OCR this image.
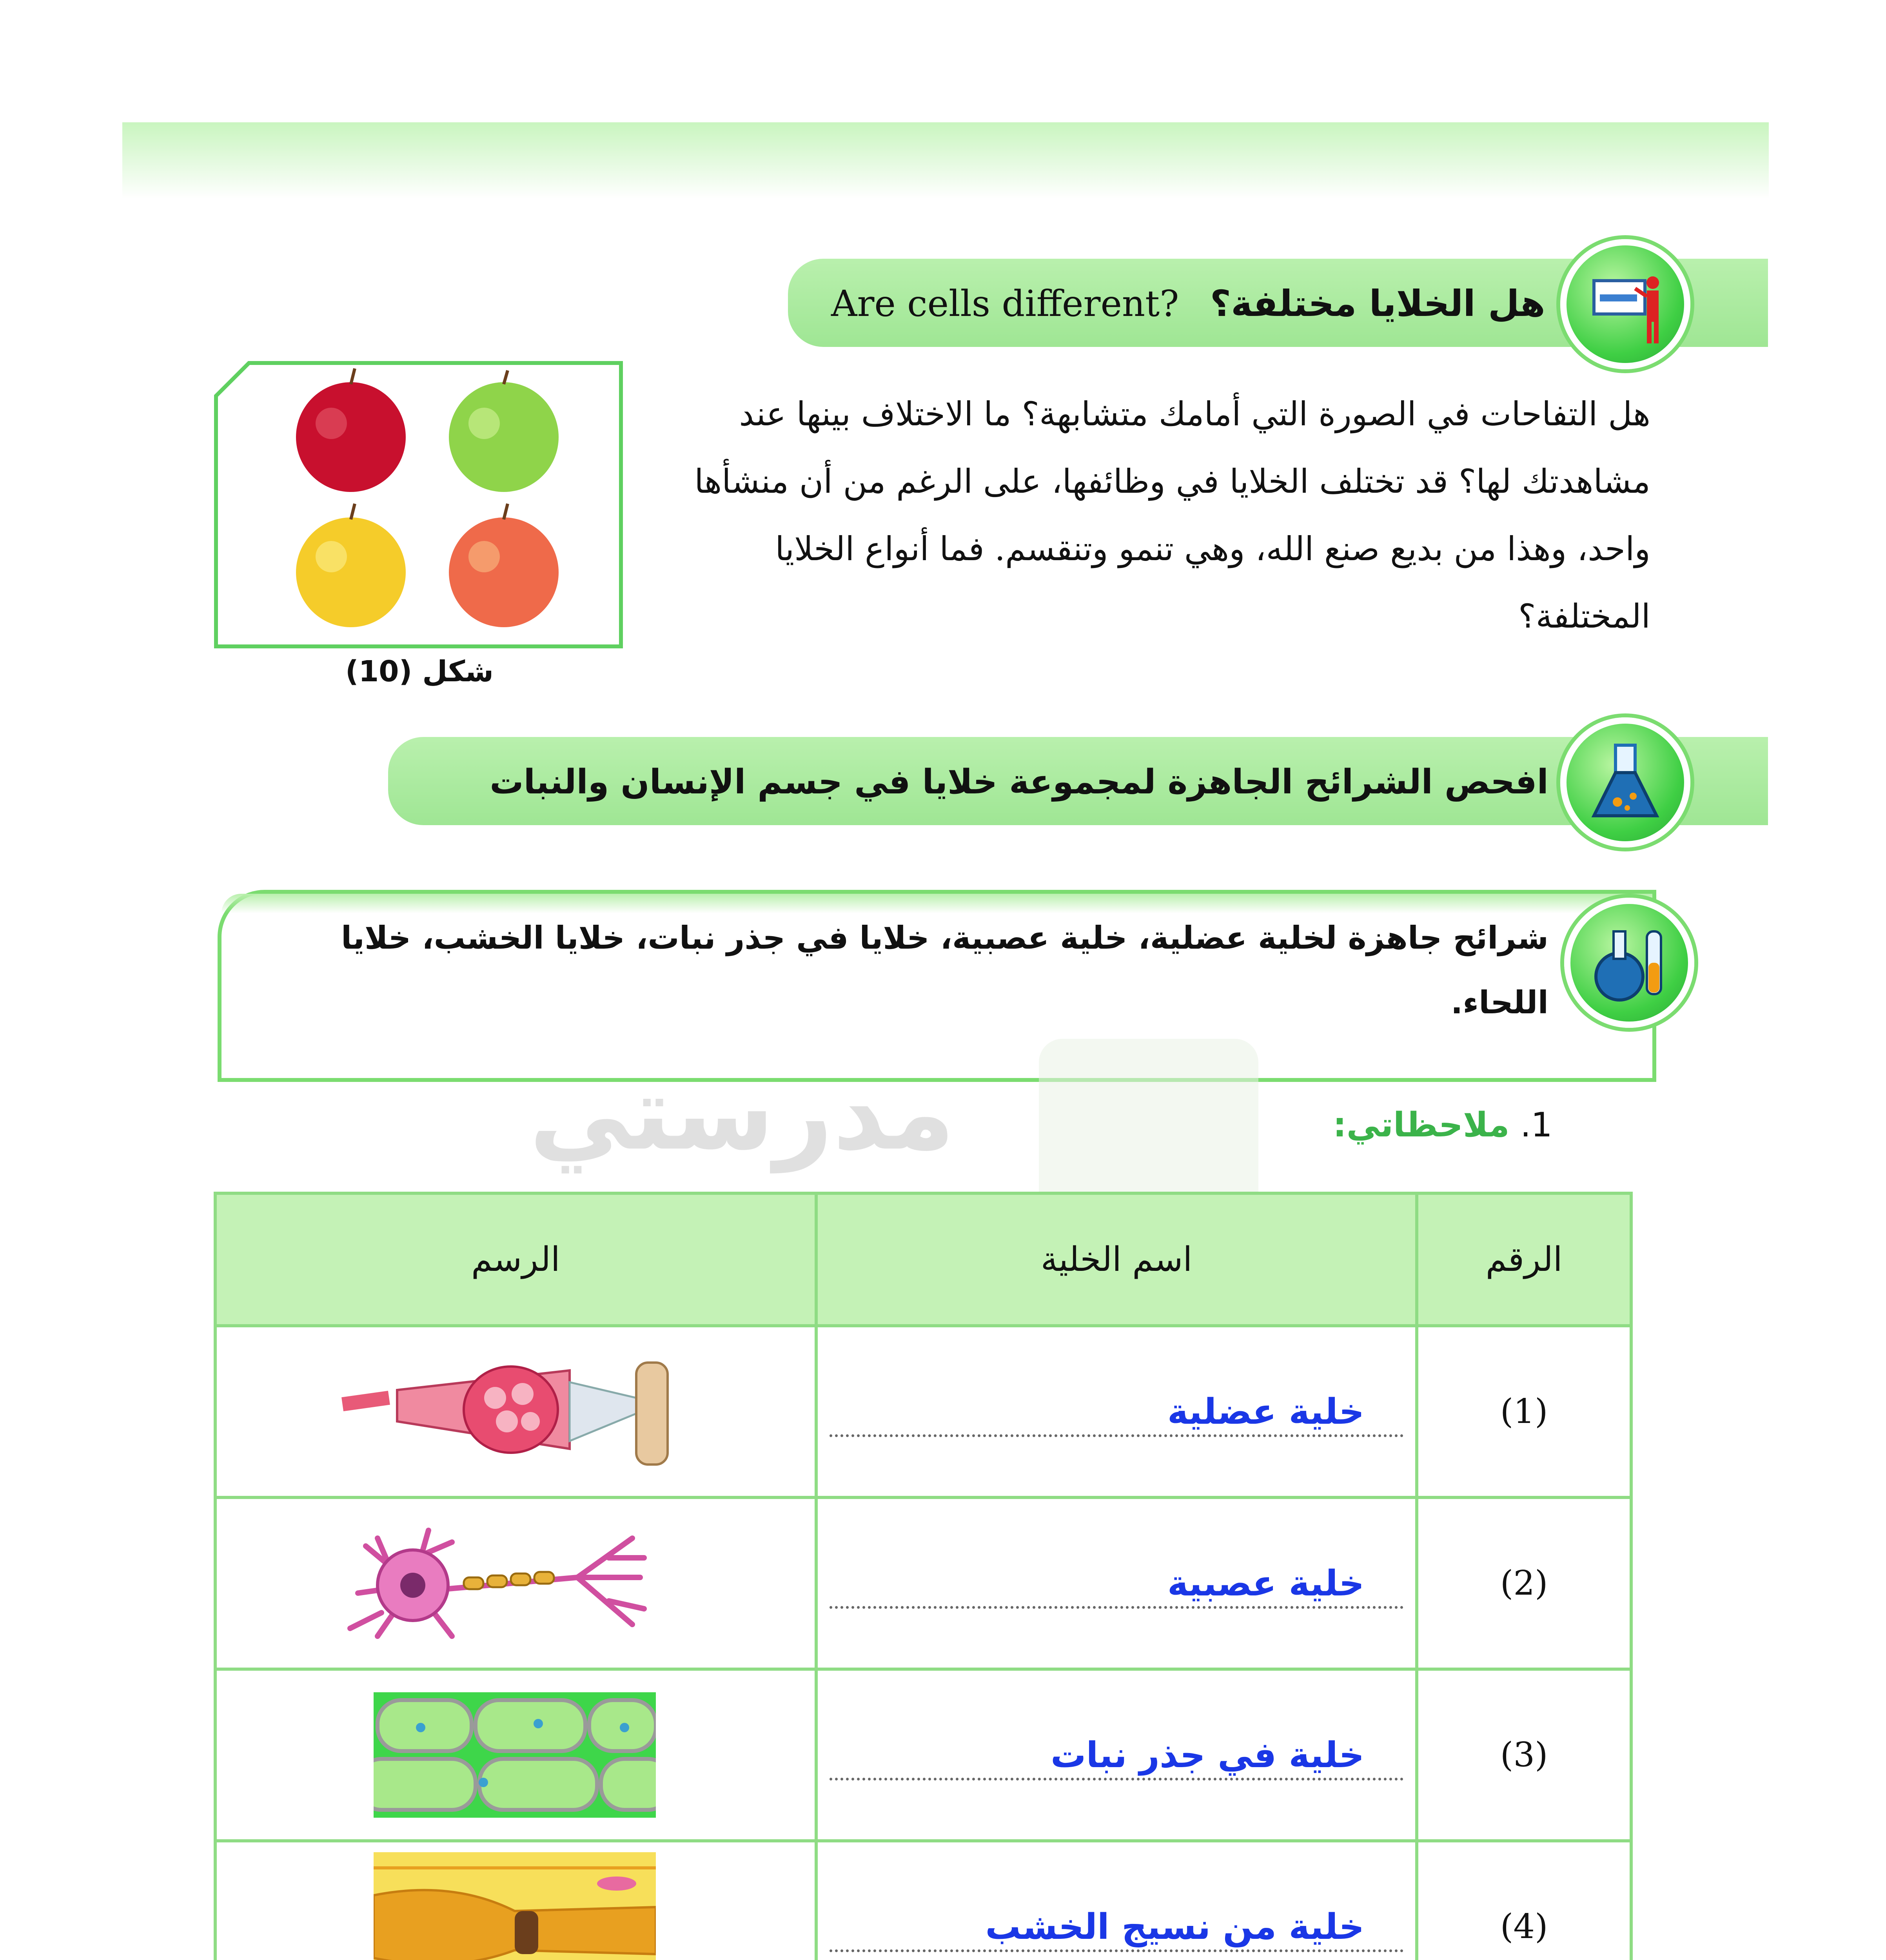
Are cells different? هل الخلايا مختلفة؟
شكل (10)
هل التفاحات في الصورة التي أمامك متشابهة؟ ما الاختلاف بينها عند مشاهدتك لها؟ قد تختلف الخلايا في وظائفها، على الرغم من أن منشأها واحد، وهذا من بديع صنع الله، وهي تنمو وتنقسم. فما أنواع الخلايا المختلفة؟
افحص الشرائح الجاهزة لمجموعة خلايا في جسم الإنسان والنبات
شرائح جاهزة لخلية عضلية، خلية عصبية، خلايا في جذر نبات، خلايا الخشب، خلايا اللحاء.
مدرستي	1. ملاحظاتي:
الرقم	اسم الخلية	الرسم
(1)	خلية عضلية

(2)	خلية عصبية

(3)	خلية في جذر نبات

(4)	خلية من نسيج الخشب
